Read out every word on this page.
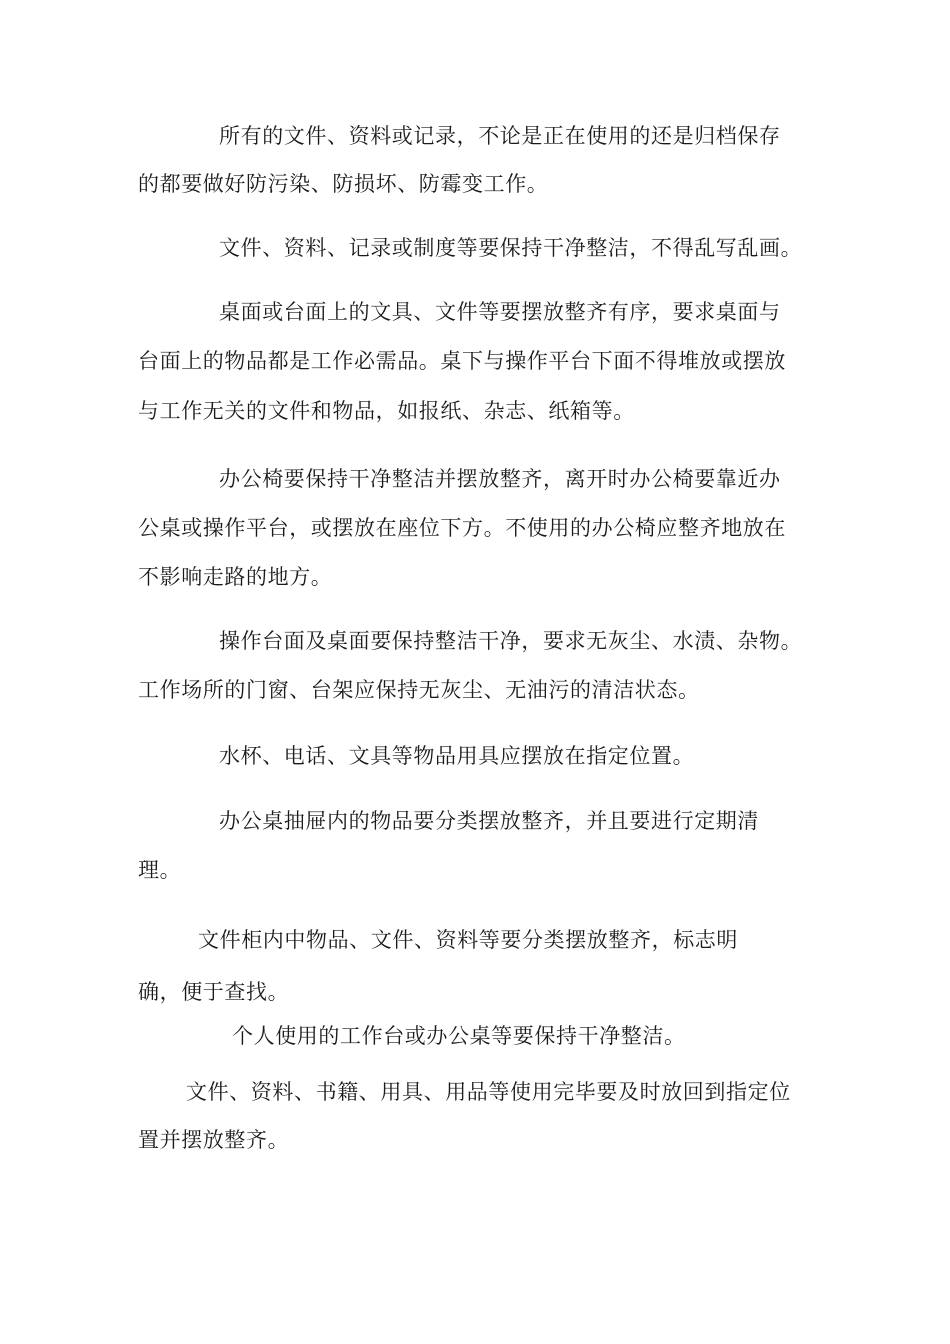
所有的文件、资料或记录，不论是正在使用的还是归档保存

的都要做好防污染、防损坏、防霉变工作。

文件、资料、记录或制度等要保持干净整洁，不得乱写乱画。

桌面或台面上的文具、文件等要摆放整齐有序，要求桌面与

台面上的物品都是工作必需品。桌下与操作平台下面不得堆放或摆放

与工作无关的文件和物品，如报纸、杂志、纸箱等。

办公椅要保持干净整洁并摆放整齐，离开时办公椅要靠近办

公桌或操作平台，或摆放在座位下方。不使用的办公椅应整齐地放在

不影响走路的地方。

操作台面及桌面要保持整洁干净，要求无灰尘、水渍、杂物。

工作场所的门窗、台架应保持无灰尘、无油污的清洁状态。

水杯、电话、文具等物品用具应摆放在指定位置。

办公桌抽屉内的物品要分类摆放整齐，并且要进行定期清

理。

文件柜内中物品、文件、资料等要分类摆放整齐，标志明

确，便于查找。

个人使用的工作台或办公桌等要保持干净整洁。

文件、资料、书籍、用具、用品等使用完毕要及时放回到指定位

置并摆放整齐。
